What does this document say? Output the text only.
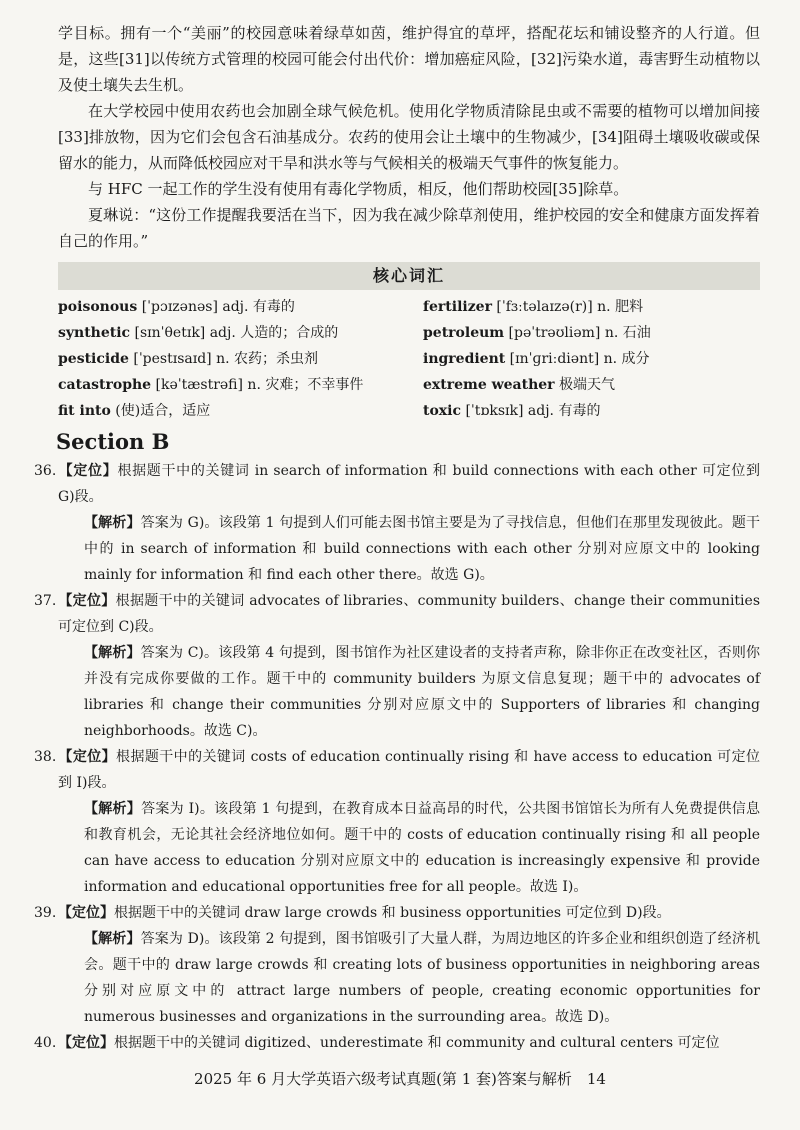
学目标。拥有一个“美丽”的校园意味着绿草如茵，维护得宜的草坪，搭配花坛和铺设整齐的人行道。但是，这些[31]以传统方式管理的校园可能会付出代价：增加癌症风险，[32]污染水道，毒害野生动植物以及使土壤失去生机。

在大学校园中使用农药也会加剧全球气候危机。使用化学物质清除昆虫或不需要的植物可以增加间接[33]排放物，因为它们会包含石油基成分。农药的使用会让土壤中的生物减少，[34]阻碍土壤吸收碳或保留水的能力，从而降低校园应对干旱和洪水等与气候相关的极端天气事件的恢复能力。

与 HFC 一起工作的学生没有使用有毒化学物质，相反，他们帮助校园[35]除草。

夏琳说：“这份工作提醒我要活在当下，因为我在减少除草剂使用，维护校园的安全和健康方面发挥着自己的作用。”

核心词汇
poisonous [ˈpɔɪzənəs] adj. 有毒的
synthetic [sɪnˈθetɪk] adj. 人造的；合成的
pesticide [ˈpestɪsaɪd] n. 农药；杀虫剂
catastrophe [kəˈtæstrəfi] n. 灾难；不幸事件
fit into (使)适合，适应
fertilizer [ˈfɜːtəlaɪzə(r)] n. 肥料
petroleum [pəˈtrəʊliəm] n. 石油
ingredient [ɪnˈɡriːdiənt] n. 成分
extreme weather 极端天气
toxic [ˈtɒksɪk] adj. 有毒的
Section B

36. 【定位】根据题干中的关键词 in search of information 和 build connections with each other 可定位到 G)段。

【解析】答案为 G)。该段第 1 句提到人们可能去图书馆主要是为了寻找信息，但他们在那里发现彼此。题干中的 in search of information 和 build connections with each other 分别对应原文中的 looking mainly for information 和 find each other there。故选 G)。

37. 【定位】根据题干中的关键词 advocates of libraries、community builders、change their communities 可定位到 C)段。

【解析】答案为 C)。该段第 4 句提到，图书馆作为社区建设者的支持者声称，除非你正在改变社区，否则你并没有完成你要做的工作。题干中的 community builders 为原文信息复现；题干中的 advocates of libraries 和 change their communities 分别对应原文中的 Supporters of libraries 和 changing neighborhoods。故选 C)。

38. 【定位】根据题干中的关键词 costs of education continually rising 和 have access to education 可定位到 I)段。

【解析】答案为 I)。该段第 1 句提到，在教育成本日益高昂的时代，公共图书馆馆长为所有人免费提供信息和教育机会，无论其社会经济地位如何。题干中的 costs of education continually rising 和 all people can have access to education 分别对应原文中的 education is increasingly expensive 和 provide information and educational opportunities free for all people。故选 I)。

39. 【定位】根据题干中的关键词 draw large crowds 和 business opportunities 可定位到 D)段。

【解析】答案为 D)。该段第 2 句提到，图书馆吸引了大量人群，为周边地区的许多企业和组织创造了经济机会。题干中的 draw large crowds 和 creating lots of business opportunities in neighboring areas 分别对应原文中的 attract large numbers of people, creating economic opportunities for numerous businesses and organizations in the surrounding area。故选 D)。

40. 【定位】根据题干中的关键词 digitized、underestimate 和 community and cultural centers 可定位

2025 年 6 月大学英语六级考试真题(第 1 套)答案与解析　14
